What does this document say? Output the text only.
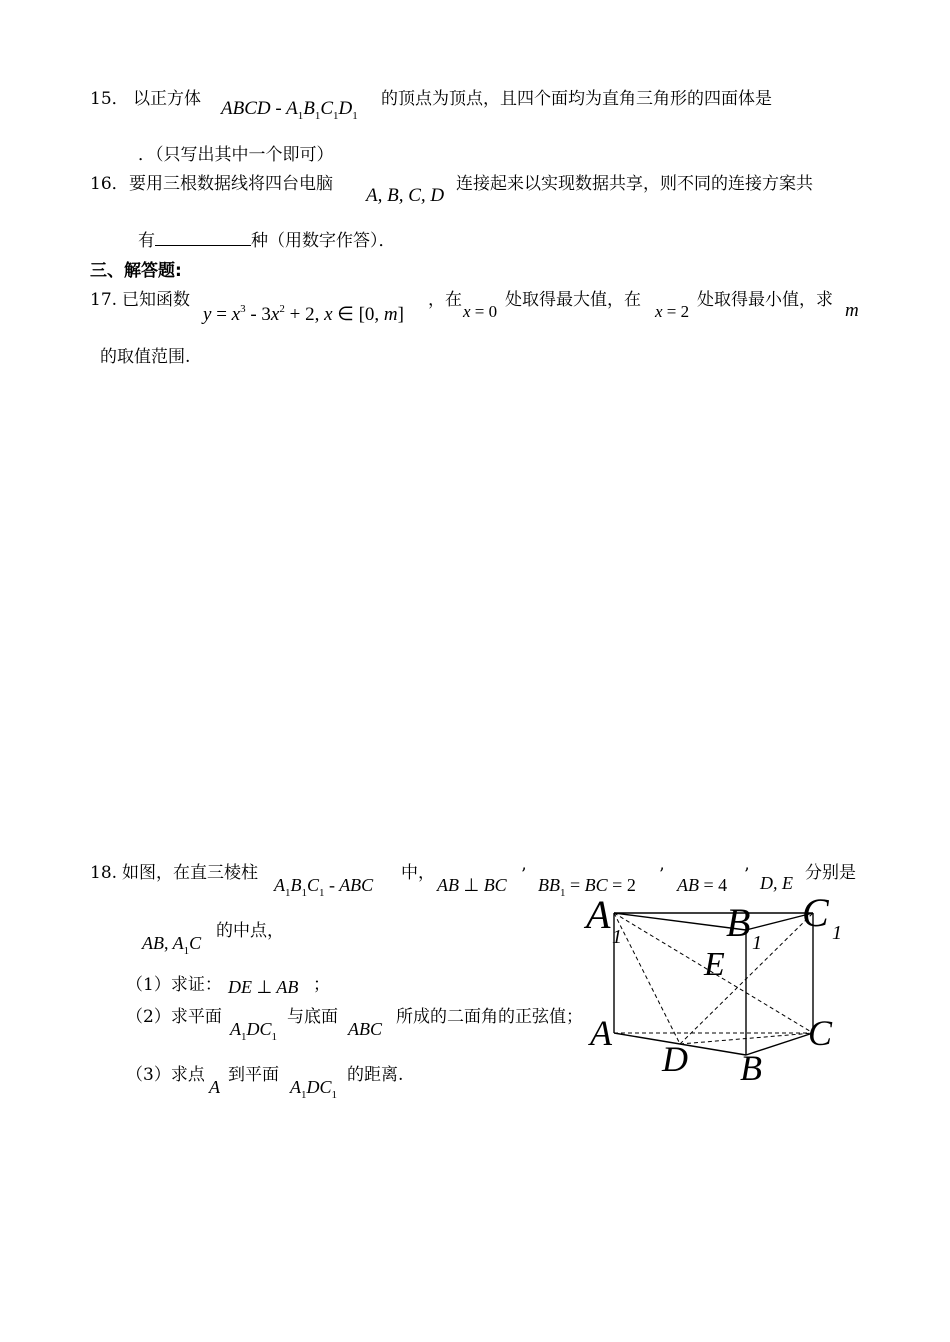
15． 以正方体 ABCD - $A_1B_1C_1D_1$
的顶点为顶点，且四个面均为直角三角形的四面体是
．（只写出其中一个即可）
16． 要用三根数据线将四台电脑
A, B, C, D
连接起来以实现数据共享，则不同的连接方案共
有	种（用数字作答）．
三、解答题:
17. 已知函数
$y = x^3 - 3x^2 + 2$, x ∈ [0, m]
，在
x = 0
处取得最大值，在
x = 2
处取得最小值，求 m
的取值范围.
18. 如图，在直三棱柱
$A_1B_1C_1$ - ABC
中，
AB ⊥ BC ’ $BB_1$ = BC = 2 ’ AB = 4 ’ D, E 分别是
AB, $A_1C$
的中点，
（1）求证： DE ⊥ AB ；
（2）求平面
$A_1DC_1$
与底面
ABC
所成的二面角的正弦值；
（3）求点
A
到平面
$A_1DC_1$
的距离.
A 1	B 1
C 1
E
A
D B
C
